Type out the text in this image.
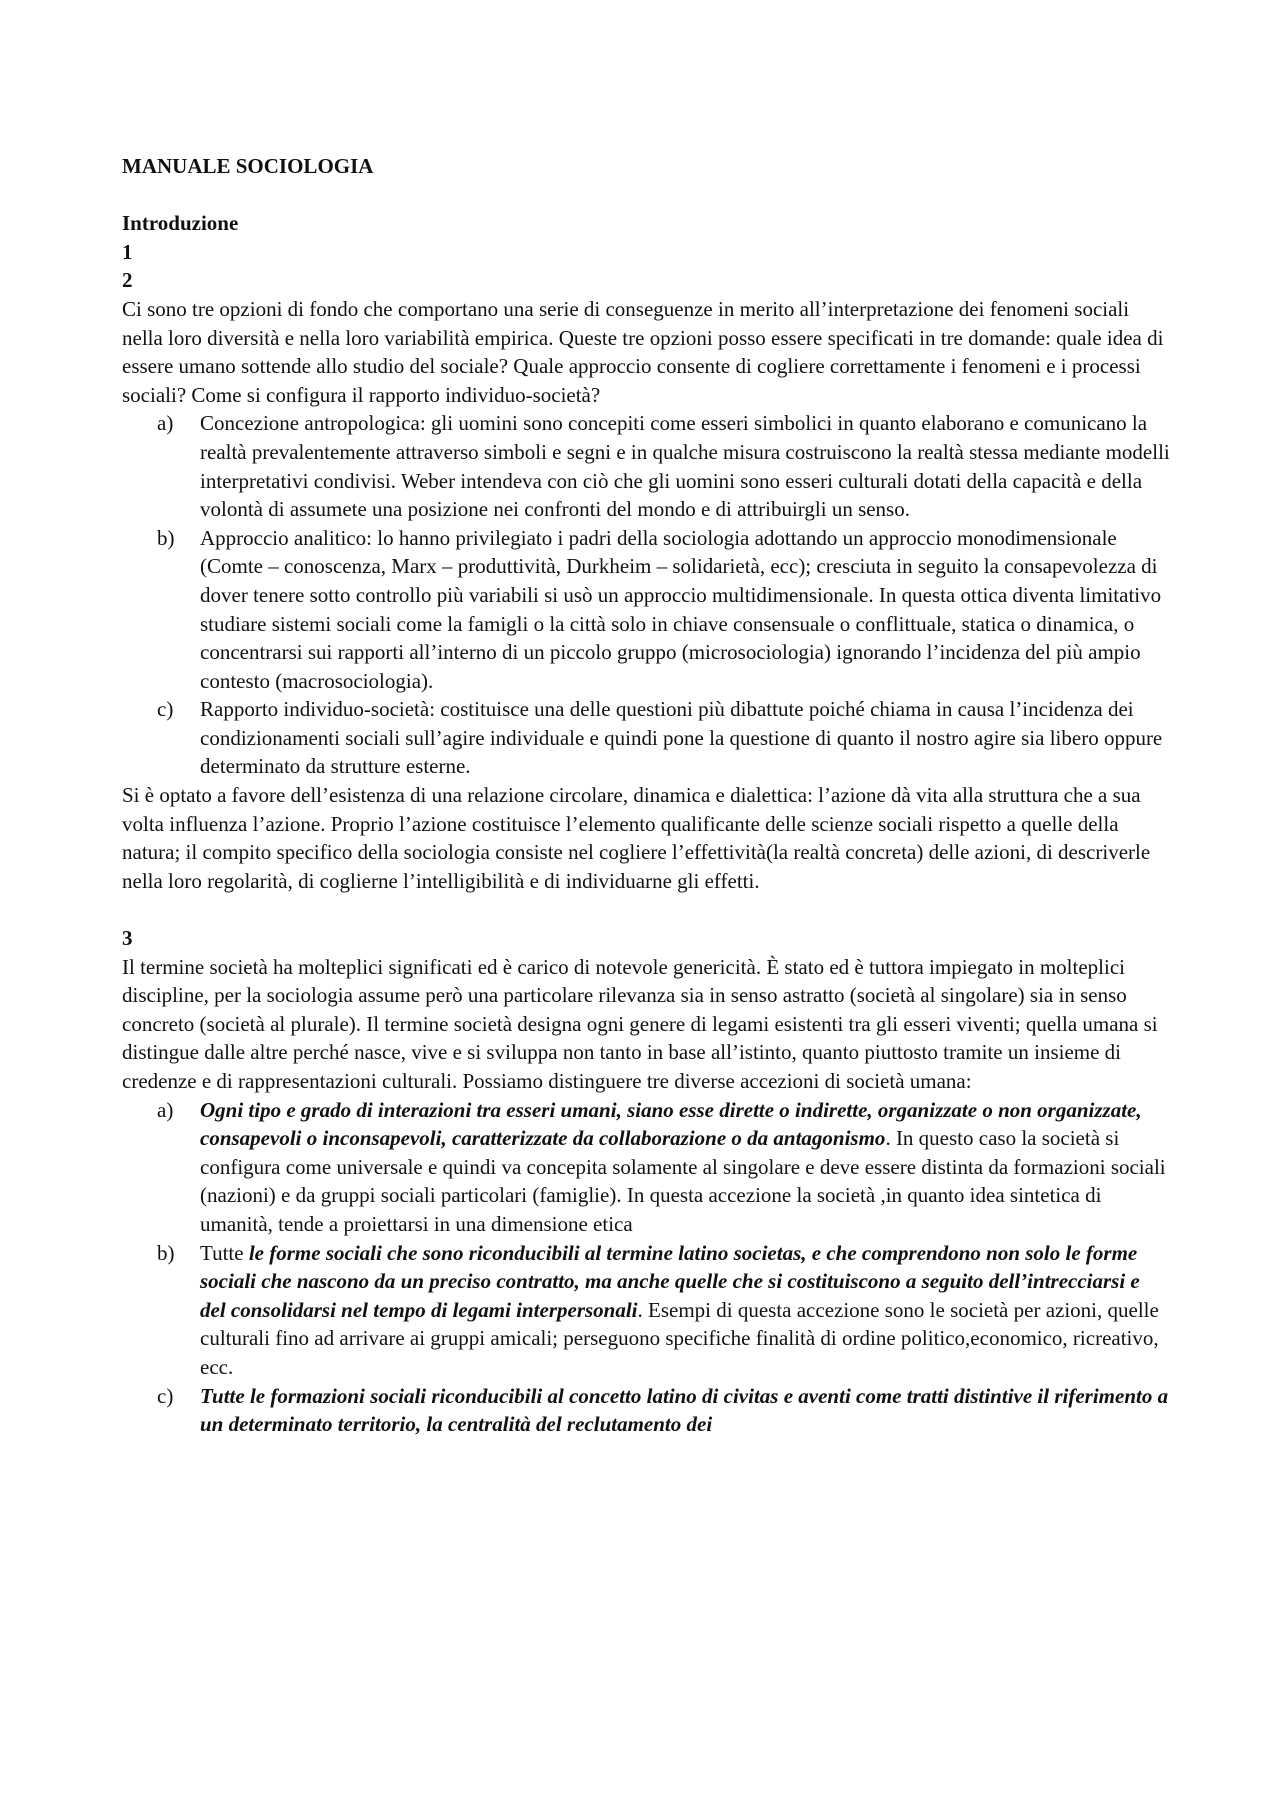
MANUALE SOCIOLOGIA

Introduzione

1

2

Ci sono tre opzioni di fondo che comportano una serie di conseguenze in merito all’interpretazione dei fenomeni sociali nella loro diversità e nella loro variabilità empirica. Queste tre opzioni posso essere specificati in tre domande: quale idea di essere umano sottende allo studio del sociale? Quale approccio consente di cogliere correttamente i fenomeni e i processi sociali? Come si configura il rapporto individuo-società?

a) Concezione antropologica: gli uomini sono concepiti come esseri simbolici in quanto elaborano e comunicano la realtà prevalentemente attraverso simboli e segni e in qualche misura costruiscono la realtà stessa mediante modelli interpretativi condivisi. Weber intendeva con ciò che gli uomini sono esseri culturali dotati della capacità e della volontà di assumete una posizione nei confronti del mondo e di attribuirgli un senso.
b) Approccio analitico: lo hanno privilegiato i padri della sociologia adottando un approccio monodimensionale (Comte – conoscenza, Marx – produttività, Durkheim – solidarietà, ecc); cresciuta in seguito la consapevolezza di dover tenere sotto controllo più variabili si usò un approccio multidimensionale. In questa ottica diventa limitativo studiare sistemi sociali come la famigli o la città solo in chiave consensuale o conflittuale, statica o dinamica, o concentrarsi sui rapporti all’interno di un piccolo gruppo (microsociologia) ignorando l’incidenza del più ampio contesto (macrosociologia).
c) Rapporto individuo-società: costituisce una delle questioni più dibattute poiché chiama in causa l’incidenza dei condizionamenti sociali sull’agire individuale e quindi pone la questione di quanto il nostro agire sia libero oppure determinato da strutture esterne.

Si è optato a favore dell’esistenza di una relazione circolare, dinamica e dialettica: l’azione dà vita alla struttura che a sua volta influenza l’azione. Proprio l’azione costituisce l’elemento qualificante delle scienze sociali rispetto a quelle della natura; il compito specifico della sociologia consiste nel cogliere l’effettività(la realtà concreta) delle azioni, di descriverle nella loro regolarità, di coglierne l’intelligibilità e di individuarne gli effetti.

3

Il termine società ha molteplici significati ed è carico di notevole genericità. È stato ed è tuttora impiegato in molteplici discipline, per la sociologia assume però una particolare rilevanza sia in senso astratto (società al singolare) sia in senso concreto (società al plurale). Il termine società designa ogni genere di legami esistenti tra gli esseri viventi; quella umana si distingue dalle altre perché nasce, vive e si sviluppa non tanto in base all’istinto, quanto piuttosto tramite un insieme di credenze e di rappresentazioni culturali. Possiamo distinguere tre diverse accezioni di società umana:

a) Ogni tipo e grado di interazioni tra esseri umani, siano esse dirette o indirette, organizzate o non organizzate, consapevoli o inconsapevoli, caratterizzate da collaborazione o da antagonismo. In questo caso la società si configura come universale e quindi va concepita solamente al singolare e deve essere distinta da formazioni sociali (nazioni) e da gruppi sociali particolari (famiglie). In questa accezione la società ,in quanto idea sintetica di umanità, tende a proiettarsi in una dimensione etica
b) Tutte le forme sociali che sono riconducibili al termine latino societas, e che comprendono non solo le forme sociali che nascono da un preciso contratto, ma anche quelle che si costituiscono a seguito dell’intrecciarsi e del consolidarsi nel tempo di legami interpersonali. Esempi di questa accezione sono le società per azioni, quelle culturali fino ad arrivare ai gruppi amicali; perseguono specifiche finalità di ordine politico,economico, ricreativo, ecc.
c) Tutte le formazioni sociali riconducibili al concetto latino di civitas e aventi come tratti distintive il riferimento a un determinato territorio, la centralità del reclutamento dei
